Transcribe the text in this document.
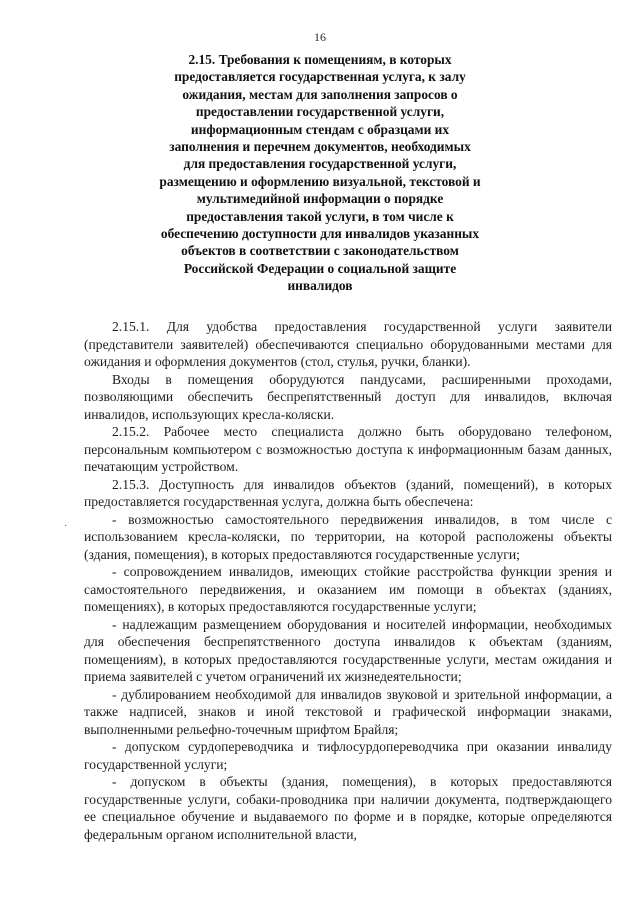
16
2.15. Требования к помещениям, в которых
предоставляется государственная услуга, к залу
ожидания, местам для заполнения запросов о
предоставлении государственной услуги,
информационным стендам с образцами их
заполнения и перечнем документов, необходимых
для предоставления государственной услуги,
размещению и оформлению визуальной, текстовой и
мультимедийной информации о порядке
предоставления такой услуги, в том числе к
обеспечению доступности для инвалидов указанных
объектов в соответствии с законодательством
Российской Федерации о социальной защите
инвалидов

2.15.1. Для удобства предоставления государственной услуги заявители (представители заявителей) обеспечиваются специально оборудованными местами для ожидания и оформления документов (стол, стулья, ручки, бланки).

Входы в помещения оборудуются пандусами, расширенными проходами, позволяющими обеспечить беспрепятственный доступ для инвалидов, включая инвалидов, использующих кресла-коляски.

2.15.2. Рабочее место специалиста должно быть оборудовано телефоном, персональным компьютером с возможностью доступа к информационным базам данных, печатающим устройством.

2.15.3. Доступность для инвалидов объектов (зданий, помещений), в которых предоставляется государственная услуга, должна быть обеспечена:

- возможностью самостоятельного передвижения инвалидов, в том числе с использованием кресла-коляски, по территории, на которой расположены объекты (здания, помещения), в которых предоставляются государственные услуги;

- сопровождением инвалидов, имеющих стойкие расстройства функции зрения и самостоятельного передвижения, и оказанием им помощи в объектах (зданиях, помещениях), в которых предоставляются государственные услуги;

- надлежащим размещением оборудования и носителей информации, необходимых для обеспечения беспрепятственного доступа инвалидов к объектам (зданиям, помещениям), в которых предоставляются государственные услуги, местам ожидания и приема заявителей с учетом ограничений их жизнедеятельности;

- дублированием необходимой для инвалидов звуковой и зрительной информации, а также надписей, знаков и иной текстовой и графической информации знаками, выполненными рельефно-точечным шрифтом Брайля;

- допуском сурдопереводчика и тифлосурдопереводчика при оказании инвалиду государственной услуги;

- допуском в объекты (здания, помещения), в которых предоставляются государственные услуги, собаки-проводника при наличии документа, подтверждающего ее специальное обучение и выдаваемого по форме и в порядке, которые определяются федеральным органом исполнительной власти,

·
